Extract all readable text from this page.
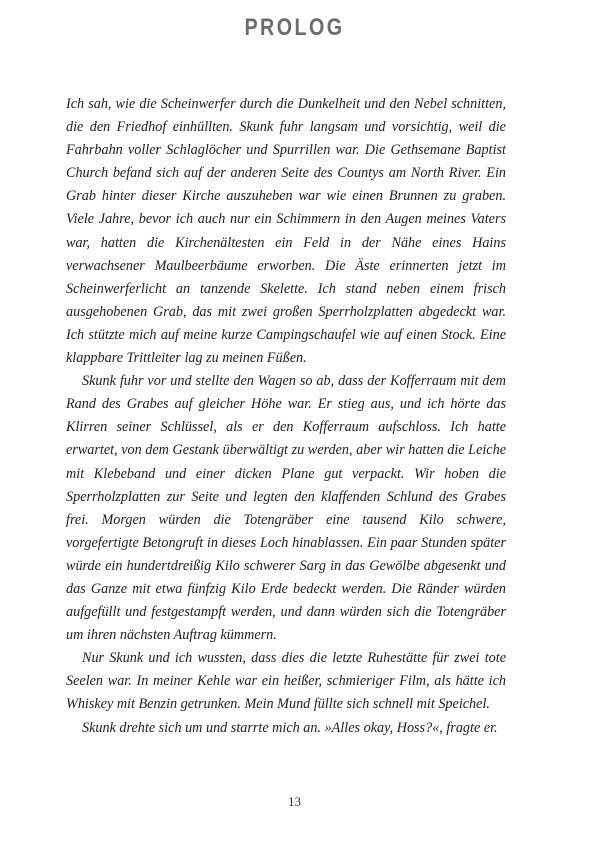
PROLOG

Ich sah, wie die Scheinwerfer durch die Dunkelheit und den Nebel schnitten, die den Friedhof einhüllten. Skunk fuhr langsam und vorsichtig, weil die Fahrbahn voller Schlaglöcher und Spurrillen war. Die Gethsemane Baptist Church befand sich auf der anderen Seite des Countys am North River. Ein Grab hinter dieser Kirche auszuheben war wie einen Brunnen zu graben. Viele Jahre, bevor ich auch nur ein Schimmern in den Augen meines Vaters war, hatten die Kirchenältesten ein Feld in der Nähe eines Hains verwachsener Maulbeerbäume erworben. Die Äste erinnerten jetzt im Scheinwerferlicht an tanzende Skelette. Ich stand neben einem frisch ausgehobenen Grab, das mit zwei großen Sperrholzplatten abgedeckt war. Ich stützte mich auf meine kurze Campingschaufel wie auf einen Stock. Eine klappbare Trittleiter lag zu meinen Füßen.

Skunk fuhr vor und stellte den Wagen so ab, dass der Kofferraum mit dem Rand des Grabes auf gleicher Höhe war. Er stieg aus, und ich hörte das Klirren seiner Schlüssel, als er den Kofferraum aufschloss. Ich hatte erwartet, von dem Gestank überwältigt zu werden, aber wir hatten die Leiche mit Klebeband und einer dicken Plane gut verpackt. Wir hoben die Sperrholzplatten zur Seite und legten den klaffenden Schlund des Grabes frei. Morgen würden die Totengräber eine tausend Kilo schwere, vorgefertigte Betongruft in dieses Loch hinablassen. Ein paar Stunden später würde ein hundertdreißig Kilo schwerer Sarg in das Gewölbe abgesenkt und das Ganze mit etwa fünfzig Kilo Erde bedeckt werden. Die Ränder würden aufgefüllt und festgestampft werden, und dann würden sich die Totengräber um ihren nächsten Auftrag kümmern.

Nur Skunk und ich wussten, dass dies die letzte Ruhestätte für zwei tote Seelen war. In meiner Kehle war ein heißer, schmieriger Film, als hätte ich Whiskey mit Benzin getrunken. Mein Mund füllte sich schnell mit Speichel.

Skunk drehte sich um und starrte mich an. »Alles okay, Hoss?«, fragte er.

13
